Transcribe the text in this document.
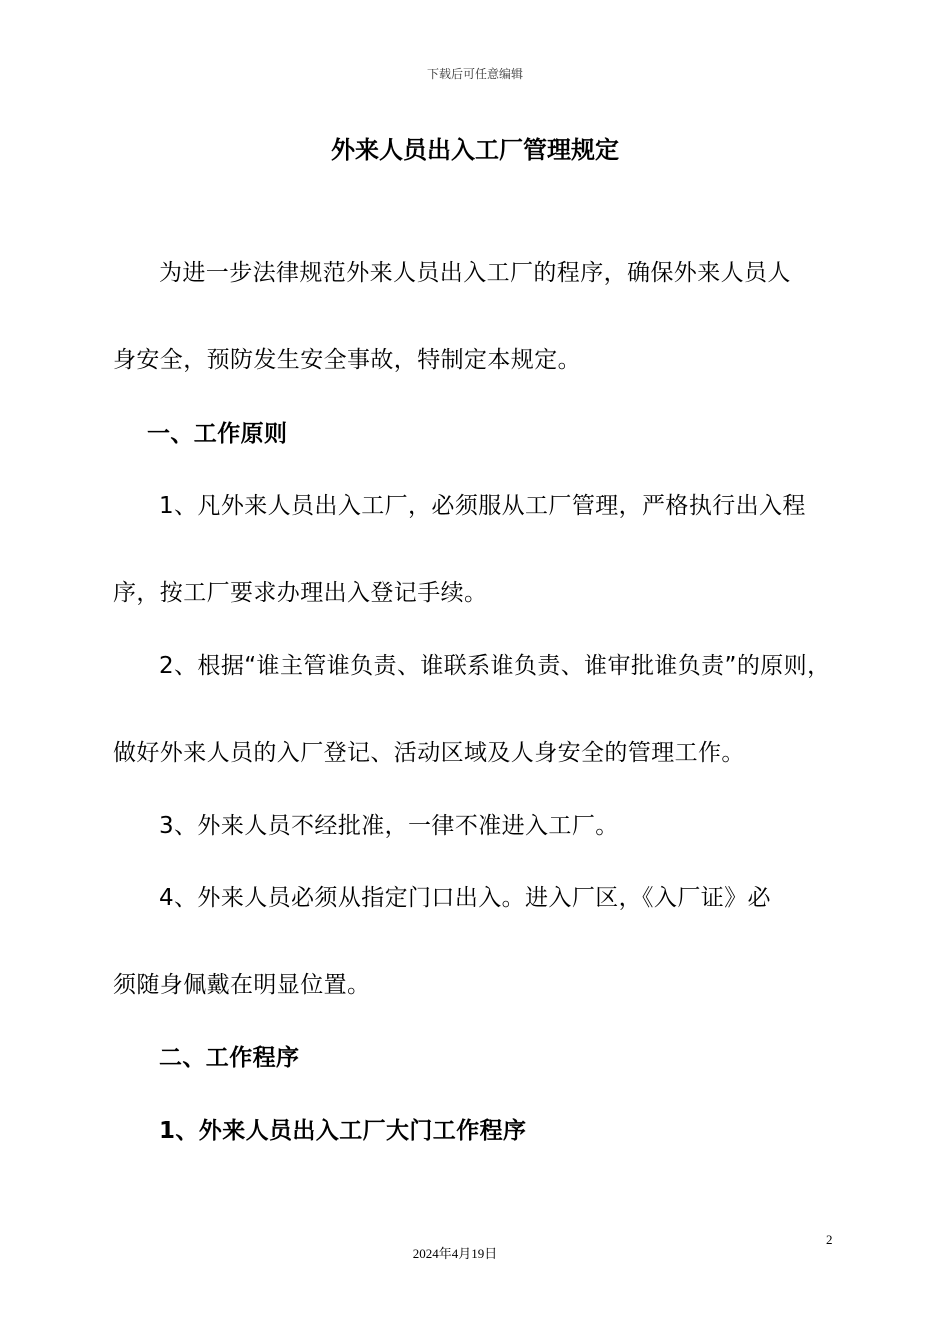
下载后可任意编辑
外来人员出入工厂管理规定
为进一步法律规范外来人员出入工厂的程序，确保外来人员人
身安全，预防发生安全事故，特制定本规定。
一、工作原则
1、凡外来人员出入工厂，必须服从工厂管理，严格执行出入程
序，按工厂要求办理出入登记手续。
2、根据“谁主管谁负责、谁联系谁负责、谁审批谁负责”的原则，
做好外来人员的入厂登记、活动区域及人身安全的管理工作。
3、外来人员不经批准，一律不准进入工厂。
4、外来人员必须从指定门口出入。进入厂区，《入厂证》必
须随身佩戴在明显位置。
二、工作程序
1、外来人员出入工厂大门工作程序
2
2024年4月19日
